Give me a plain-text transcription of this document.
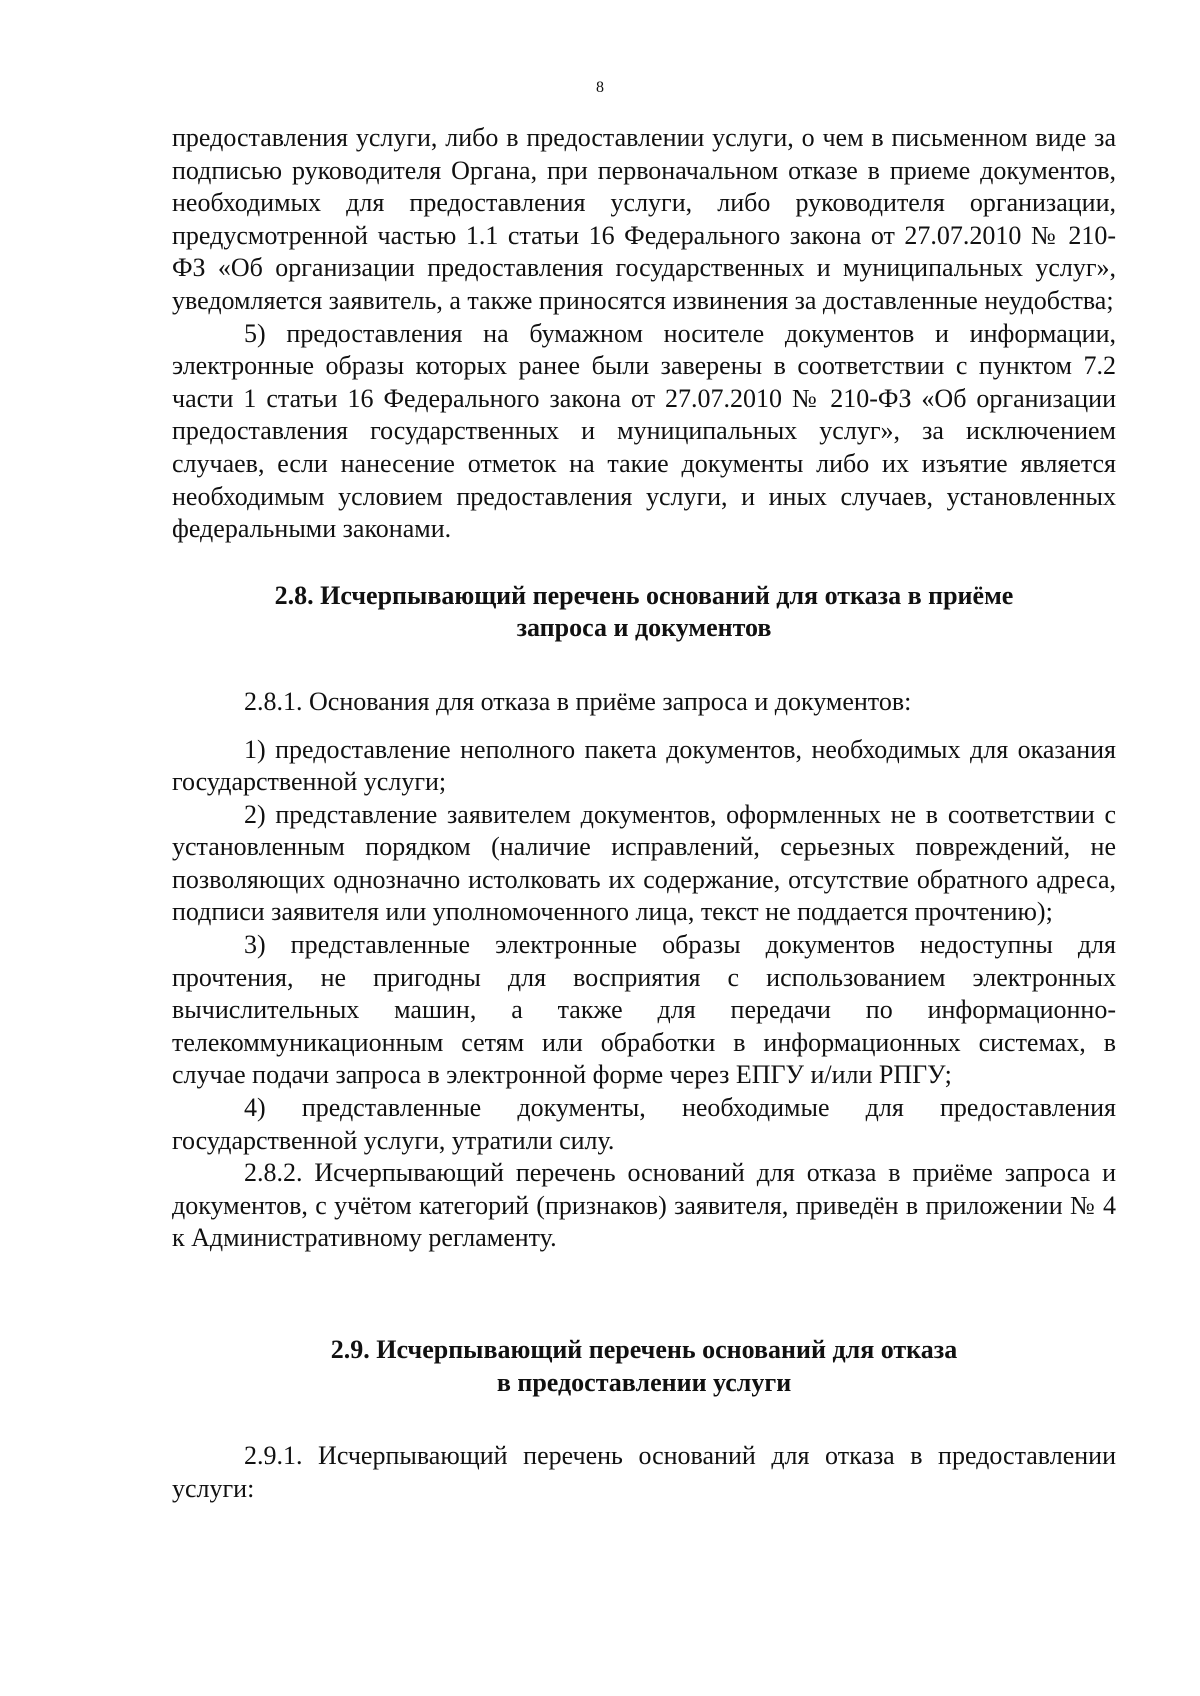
8

предоставления услуги, либо в предоставлении услуги, о чем в письменном виде за подписью руководителя Органа, при первоначальном отказе в приеме документов, необходимых для предоставления услуги, либо руководителя организации, предусмотренной частью 1.1 статьи 16 Федерального закона от 27.07.2010 № 210-ФЗ «Об организации предоставления государственных и муниципальных услуг», уведомляется заявитель, а также приносятся извинения за доставленные неудобства;

5) предоставления на бумажном носителе документов и информации, электронные образы которых ранее были заверены в соответствии с пунктом 7.2 части 1 статьи 16 Федерального закона от 27.07.2010 № 210-ФЗ «Об организации предоставления государственных и муниципальных услуг», за исключением случаев, если нанесение отметок на такие документы либо их изъятие является необходимым условием предоставления услуги, и иных случаев, установленных федеральными законами.

2.8. Исчерпывающий перечень оснований для отказа в приёме
запроса и документов

2.8.1. Основания для отказа в приёме запроса и документов:

1) предоставление неполного пакета документов, необходимых для оказания государственной услуги;

2) представление заявителем документов, оформленных не в соответствии с установленным порядком (наличие исправлений, серьезных повреждений, не позволяющих однозначно истолковать их содержание, отсутствие обратного адреса, подписи заявителя или уполномоченного лица, текст не поддается прочтению);

3) представленные электронные образы документов недоступны для прочтения, не пригодны для восприятия с использованием электронных вычислительных машин, а также для передачи по информационно-телекоммуникационным сетям или обработки в информационных системах, в случае подачи запроса в электронной форме через ЕПГУ и/или РПГУ;

4) представленные документы, необходимые для предоставления государственной услуги, утратили силу.

2.8.2. Исчерпывающий перечень оснований для отказа в приёме запроса и документов, с учётом категорий (признаков) заявителя, приведён в приложении № 4 к Административному регламенту.

2.9. Исчерпывающий перечень оснований для отказа
в предоставлении услуги

2.9.1. Исчерпывающий перечень оснований для отказа в предоставлении услуги:
